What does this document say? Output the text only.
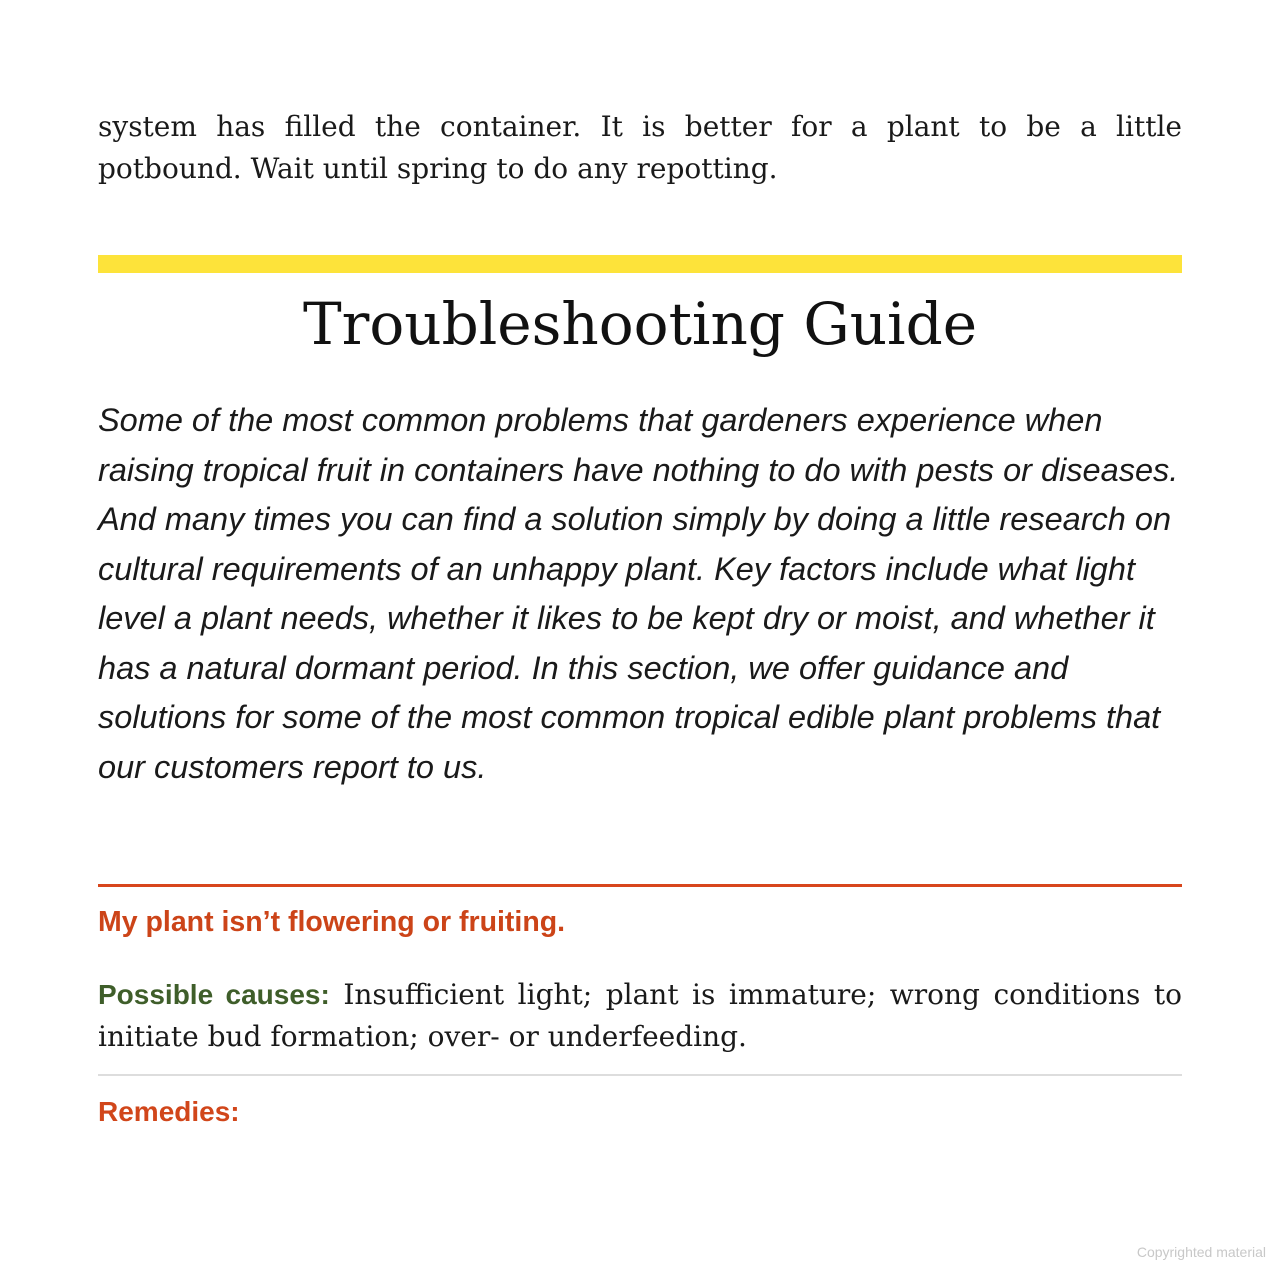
system has filled the container. It is better for a plant to be a little potbound. Wait until spring to do any repotting.

Troubleshooting Guide

Some of the most common problems that gardeners experience when raising tropical fruit in containers have nothing to do with pests or diseases. And many times you can find a solution simply by doing a little research on cultural requirements of an unhappy plant. Key factors include what light level a plant needs, whether it likes to be kept dry or moist, and whether it has a natural dormant period. In this section, we offer guidance and solutions for some of the most common tropical edible plant problems that our customers report to us.

My plant isn’t flowering or fruiting.

Possible causes: Insufficient light; plant is immature; wrong conditions to initiate bud formation; over- or underfeeding.

Remedies:
Copyrighted material
